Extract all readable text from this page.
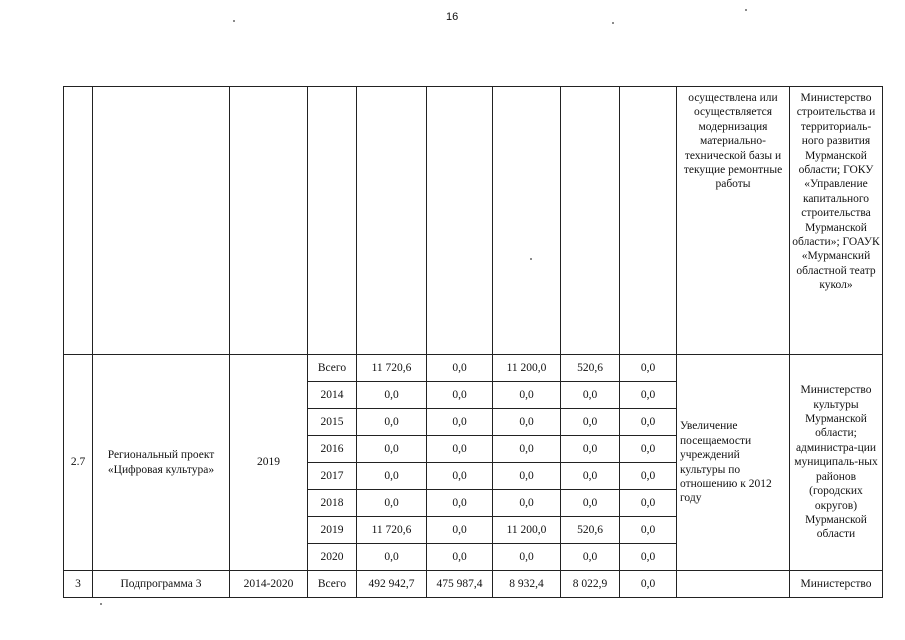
16
									осуществлена или осуществляется модернизация материально-технической базы и текущие ремонтные работы	Министерство строительства и территориаль-ного развития Мурманской области; ГОКУ «Управление капитального строительства Мурманской области»; ГОАУК «Мурманский областной театр кукол»
2.7	Региональный проект «Цифровая культура»	2019	Всего	11 720,6	0,0	11 200,0	520,6	0,0	Увеличение посещаемости учреждений культуры по отношению к 2012 году	Министерство культуры Мурманской области; администра-ции муниципаль-ных районов (городских округов) Мурманской области
			2014	0,0	0,0	0,0	0,0	0,0		
			2015	0,0	0,0	0,0	0,0	0,0		
			2016	0,0	0,0	0,0	0,0	0,0		
			2017	0,0	0,0	0,0	0,0	0,0		
			2018	0,0	0,0	0,0	0,0	0,0		
			2019	11 720,6	0,0	11 200,0	520,6	0,0		
			2020	0,0	0,0	0,0	0,0	0,0		
3	Подпрограмма 3	2014-2020	Всего	492 942,7	475 987,4	8 932,4	8 022,9	0,0		Министерство
